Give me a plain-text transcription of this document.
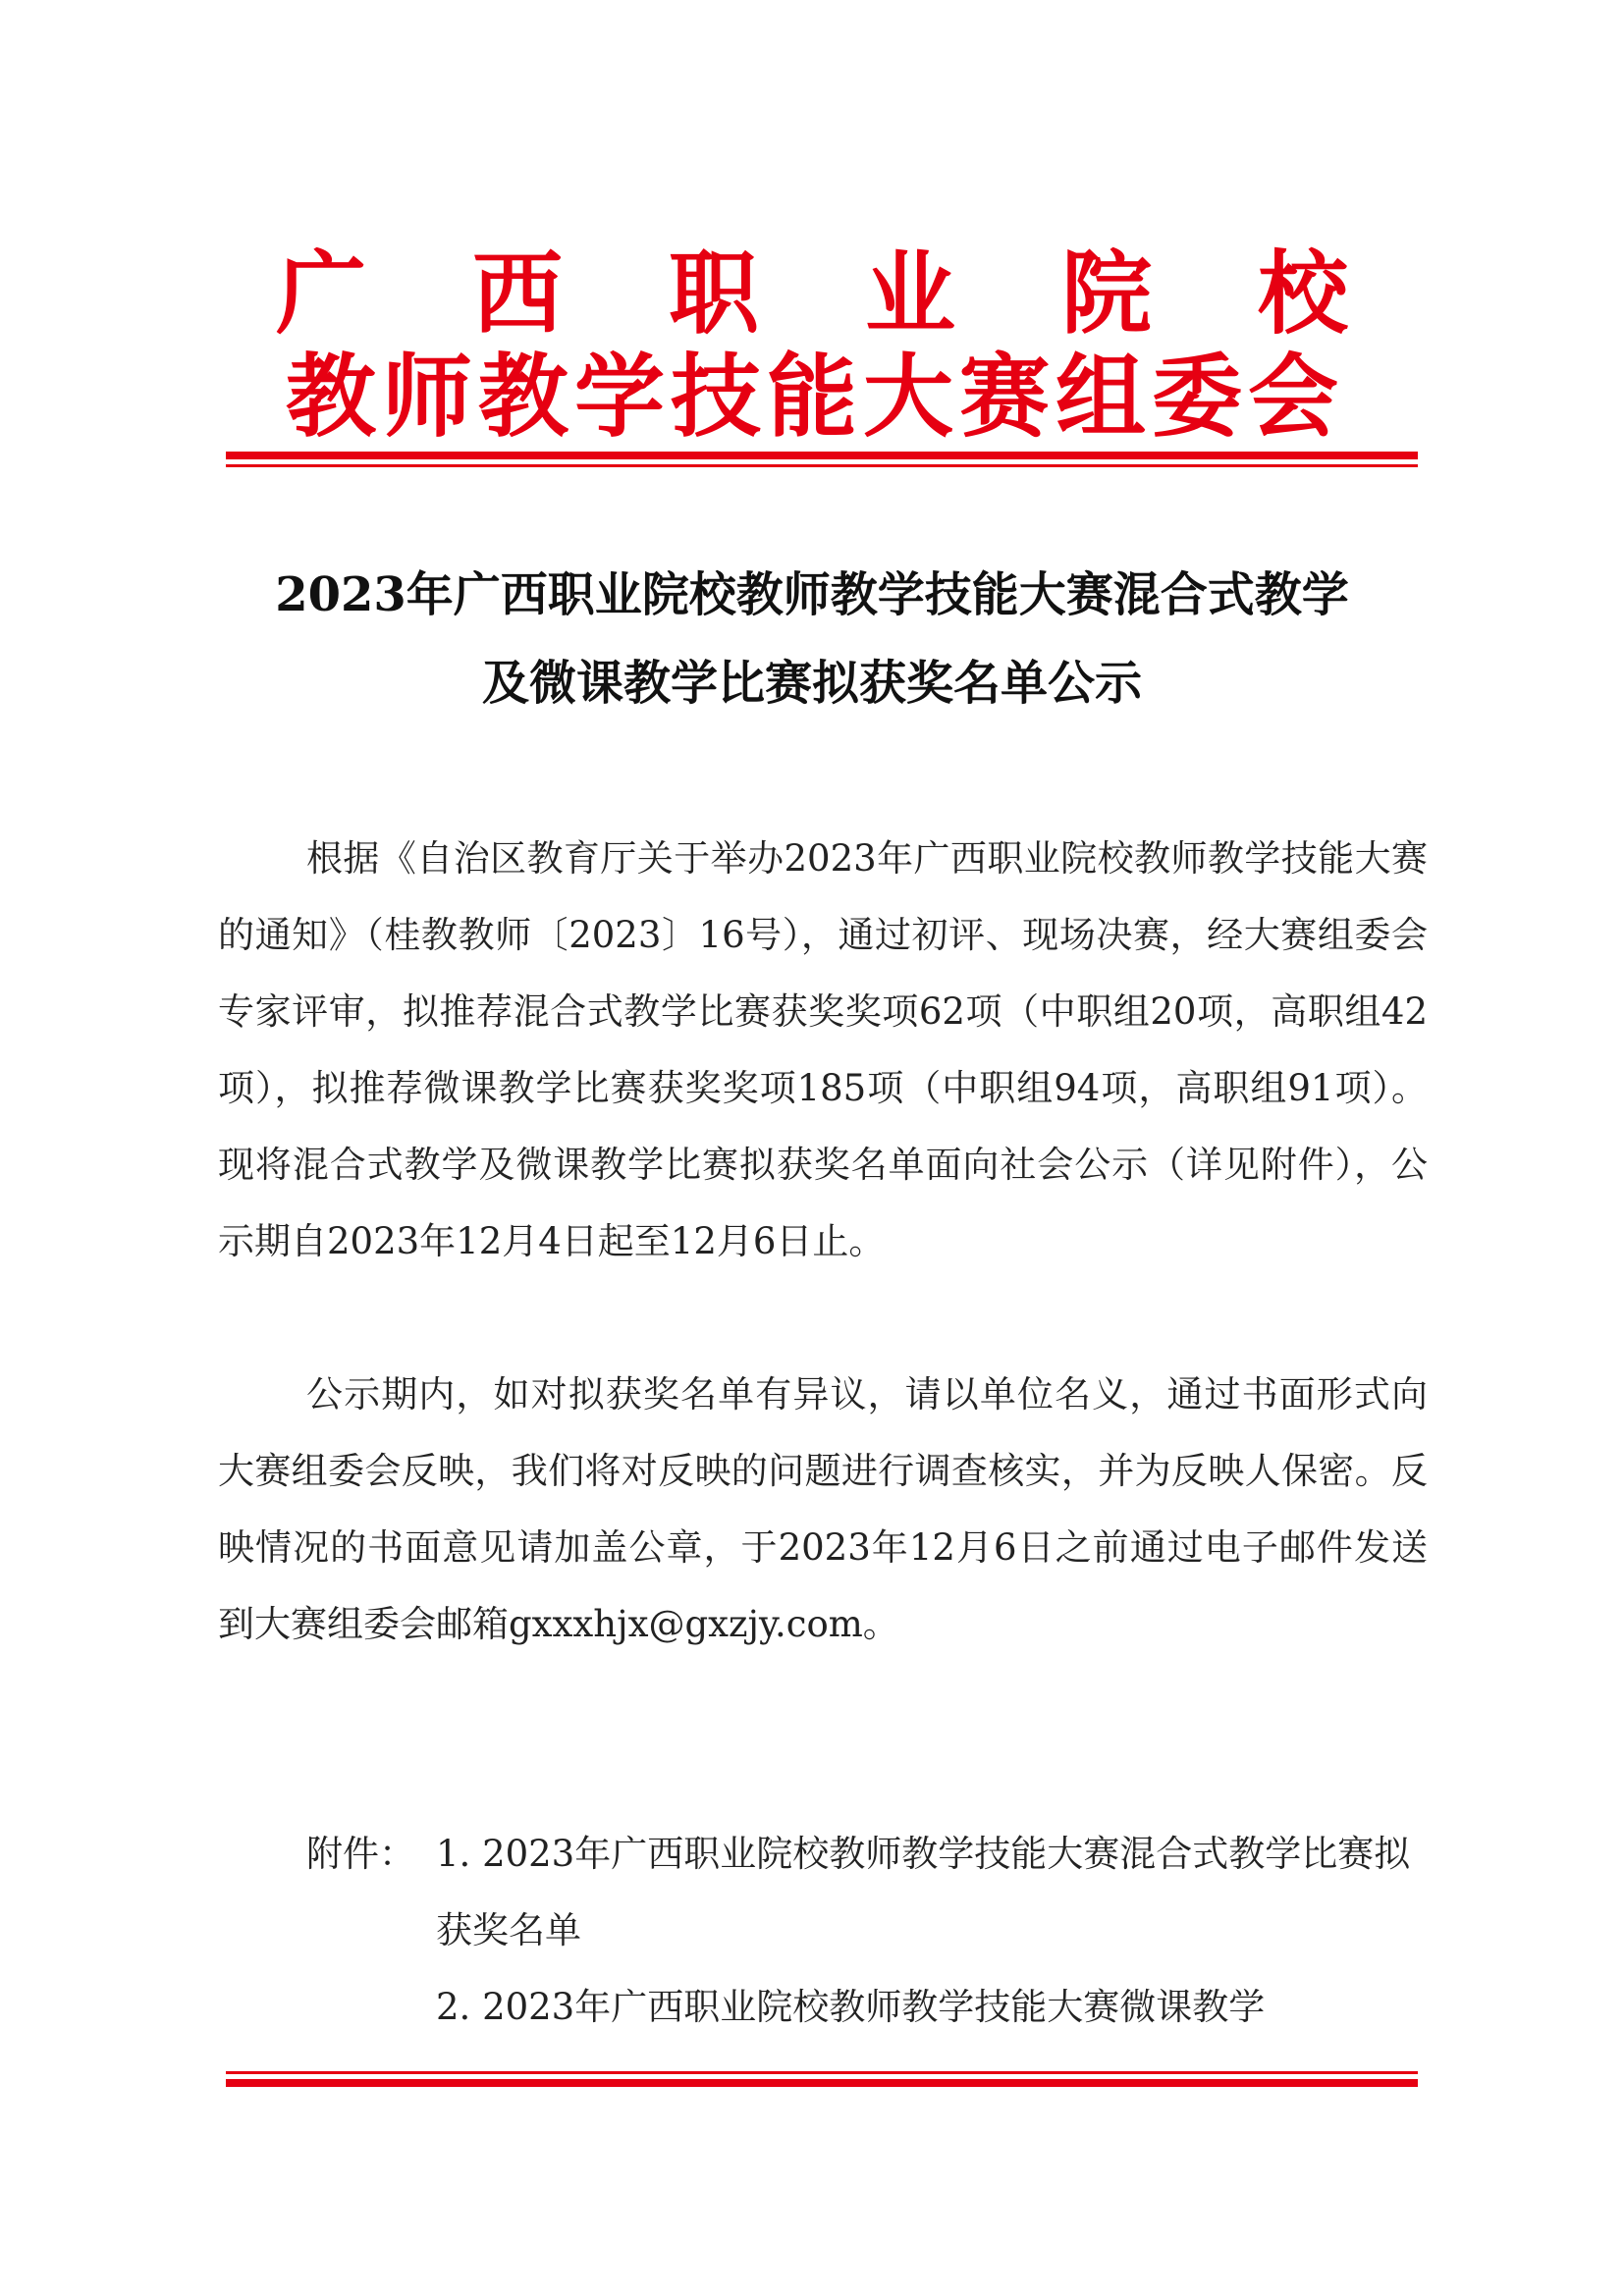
广西职业院校
教师教学技能大赛组委会
2023年广西职业院校教师教学技能大赛混合式教学
及微课教学比赛拟获奖名单公示
根据《自治区教育厅关于举办2023年广西职业院校教师教学技能大赛的通知》（桂教教师〔2023〕16号），通过初评、现场决赛，经大赛组委会专家评审，拟推荐混合式教学比赛获奖奖项62项（中职组20项，高职组42项），拟推荐微课教学比赛获奖奖项185项（中职组94项，高职组91项）。现将混合式教学及微课教学比赛拟获奖名单面向社会公示（详见附件），公示期自2023年12月4日起至12月6日止。
公示期内，如对拟获奖名单有异议，请以单位名义，通过书面形式向大赛组委会反映，我们将对反映的问题进行调查核实，并为反映人保密。反映情况的书面意见请加盖公章，于2023年12月6日之前通过电子邮件发送到大赛组委会邮箱gxxxhjx@gxzjy.com。
附件： 1. 2023年广西职业院校教师教学技能大赛混合式教学比赛拟获奖名单
2. 2023年广西职业院校教师教学技能大赛微课教学
